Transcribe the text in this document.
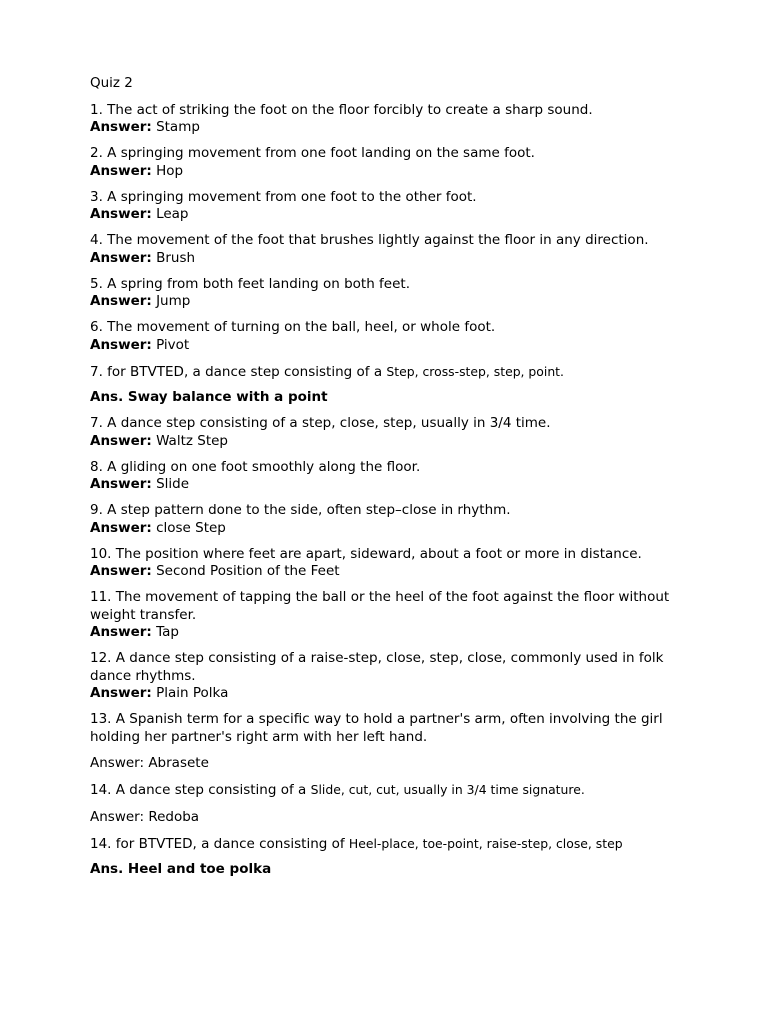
Quiz 2

1. The act of striking the foot on the floor forcibly to create a sharp sound.

Answer: Stamp

2. A springing movement from one foot landing on the same foot.

Answer: Hop

3. A springing movement from one foot to the other foot.

Answer: Leap

4. The movement of the foot that brushes lightly against the floor in any direction.

Answer: Brush

5. A spring from both feet landing on both feet.

Answer: Jump

6. The movement of turning on the ball, heel, or whole foot.

Answer: Pivot

7. for BTVTED, a dance step consisting of a Step, cross-step, step, point.

Ans. Sway balance with a point

7. A dance step consisting of a step, close, step, usually in 3/4 time.

Answer: Waltz Step

8. A gliding on one foot smoothly along the floor.

Answer: Slide

9. A step pattern done to the side, often step–close in rhythm.

Answer: close Step

10. The position where feet are apart, sideward, about a foot or more in distance.

Answer: Second Position of the Feet

11. The movement of tapping the ball or the heel of the foot against the floor without weight transfer.

Answer: Tap

12. A dance step consisting of a raise-step, close, step, close, commonly used in folk dance rhythms.

Answer: Plain Polka

13. A Spanish term for a specific way to hold a partner's arm, often involving the girl holding her partner's right arm with her left hand.

Answer: Abrasete

14. A dance step consisting of a Slide, cut, cut, usually in 3/4 time signature.

Answer: Redoba

14. for BTVTED, a dance consisting of Heel-place, toe-point, raise-step, close, step

Ans. Heel and toe polka
